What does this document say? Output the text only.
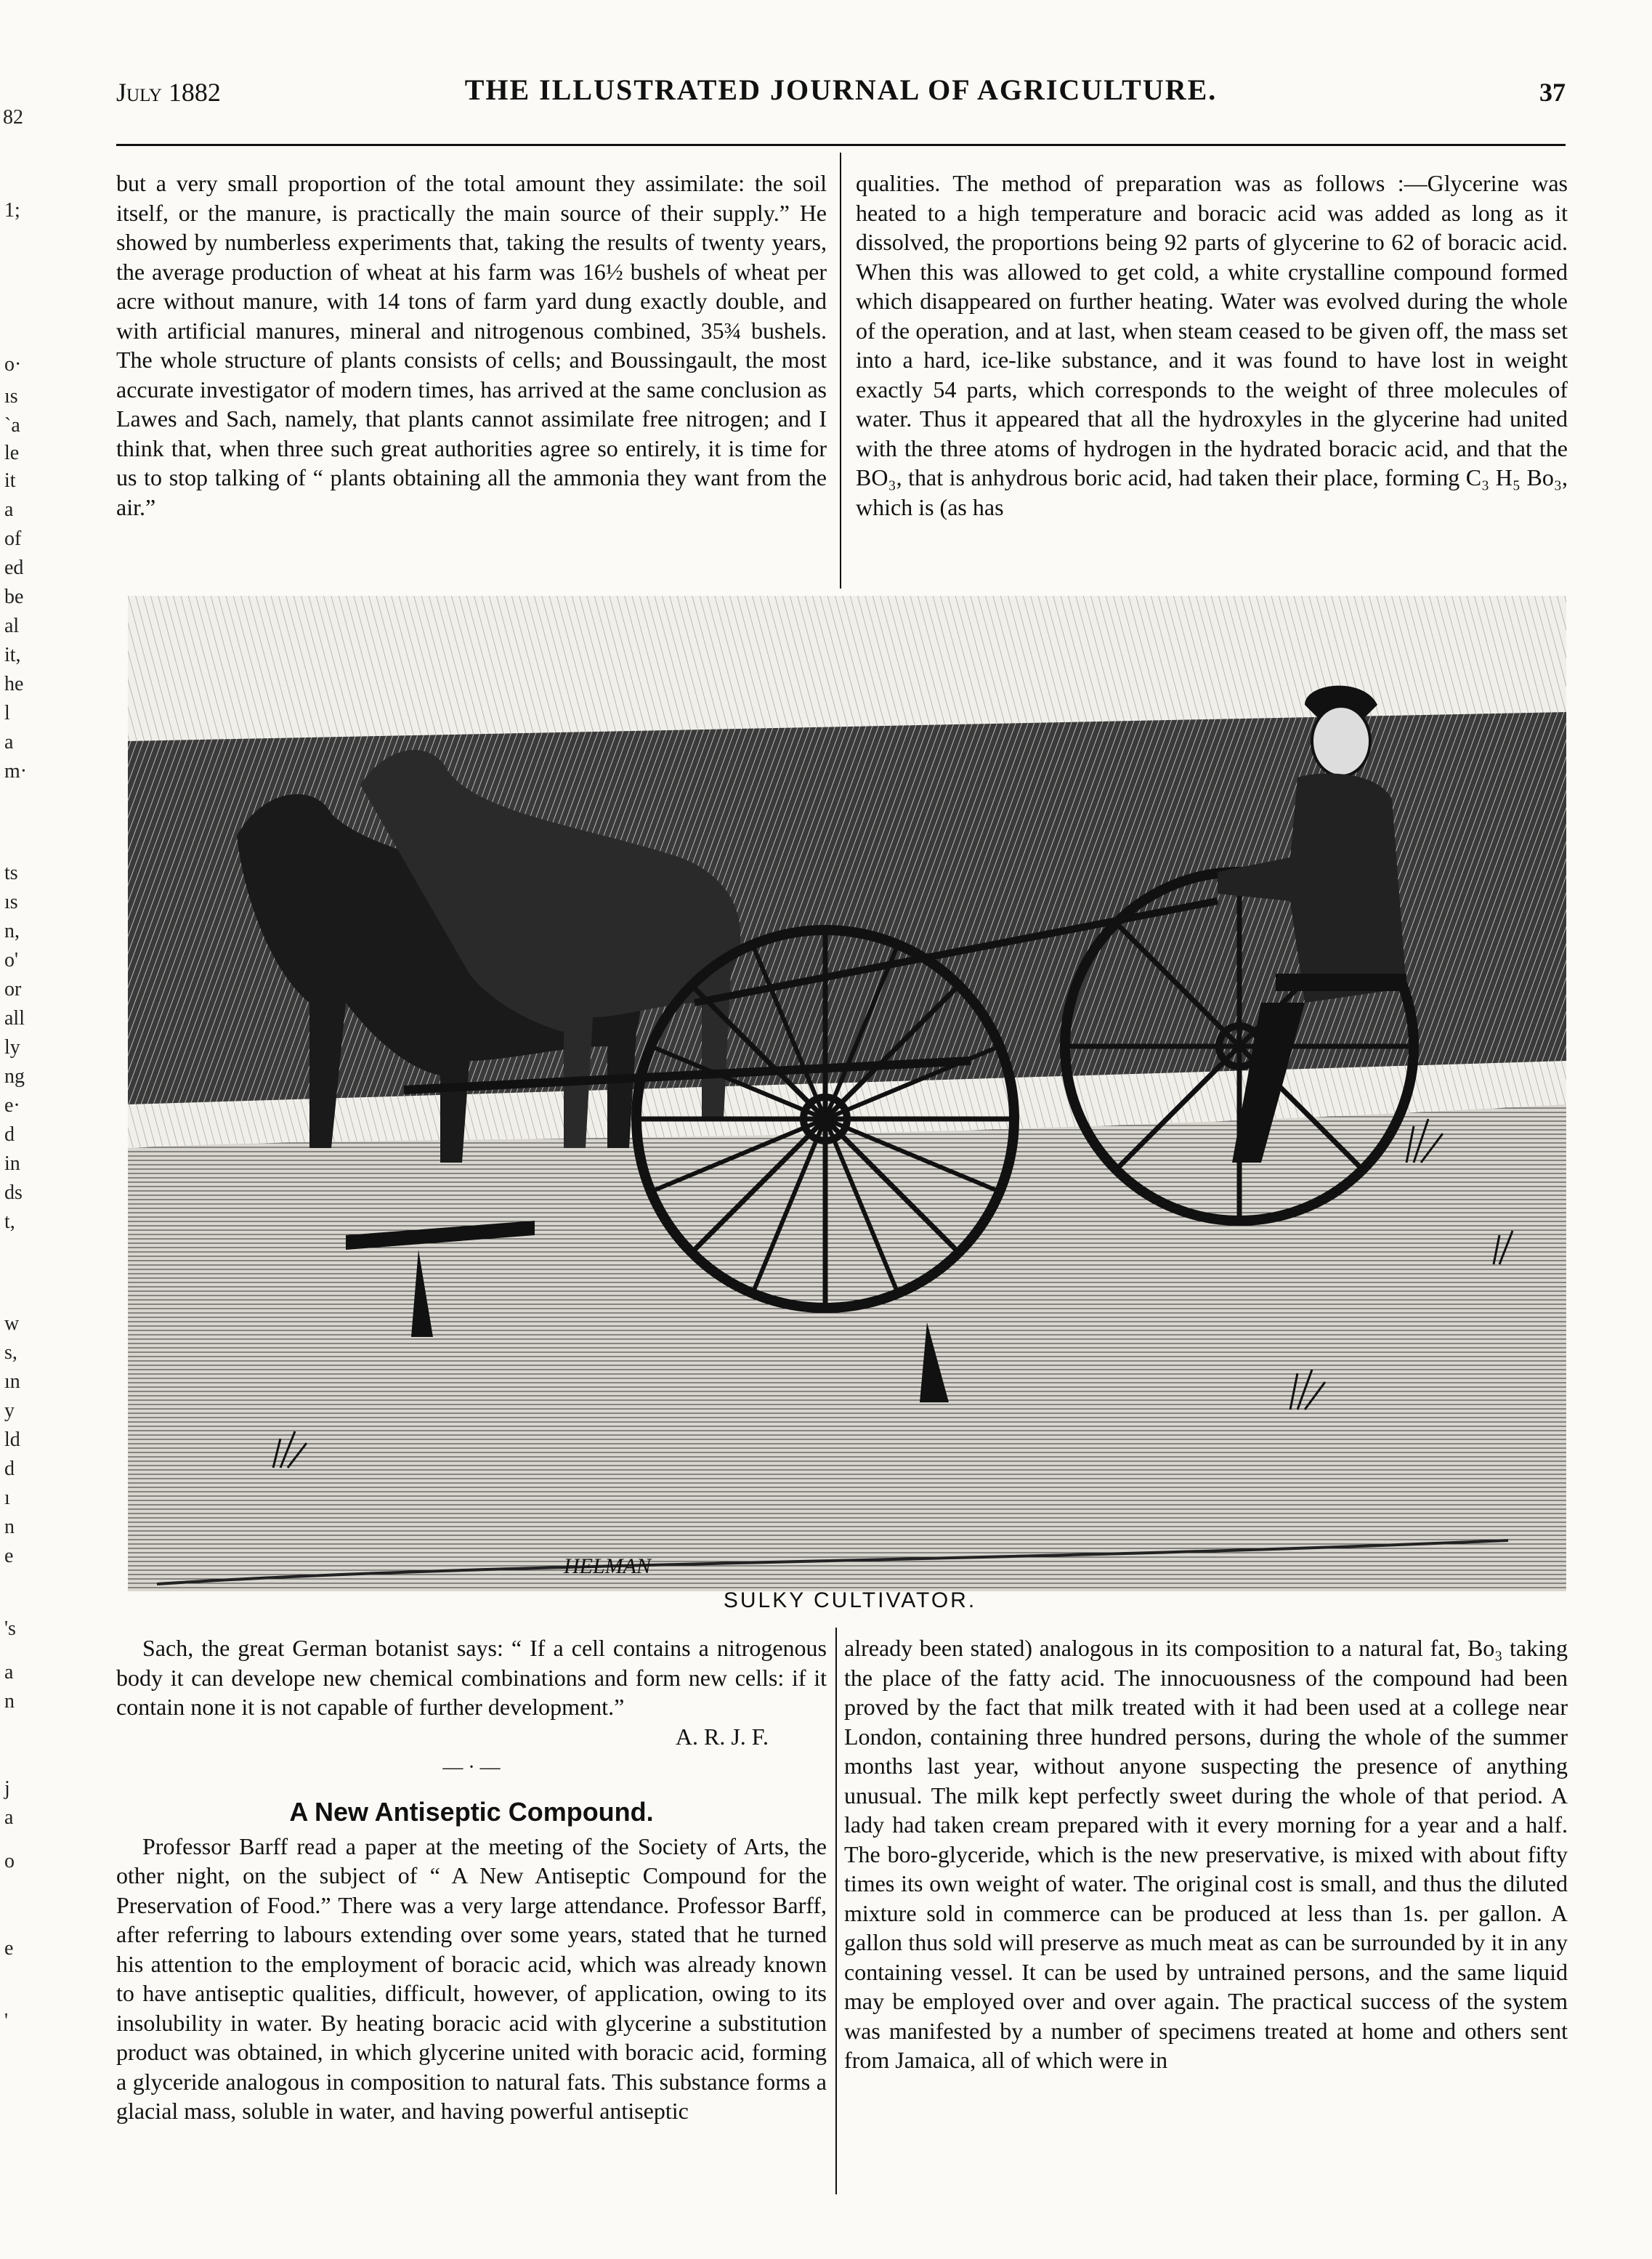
82
1;
o·
ıs
`a
le
it
a
of
ed
be
al
it,
he
l
a
m·
ts
ıs
n,
o'
or
all
ly
ng
e·
d
in
ds
t,
w
s,
ın
y
ld
d
ı
n
e
's
a
n
j
a
o
e
'
July 1882	THE ILLUSTRATED JOURNAL OF AGRICULTURE.	37

but a very small proportion of the total amount they assimilate: the soil itself, or the manure, is practically the main source of their supply.” He showed by numberless experiments that, taking the results of twenty years, the average production of wheat at his farm was 16½ bushels of wheat per acre without manure, with 14 tons of farm yard dung exactly double, and with artificial manures, mineral and nitrogenous combined, 35¾ bushels. The whole structure of plants consists of cells; and Boussingault, the most accurate investigator of modern times, has arrived at the same conclusion as Lawes and Sach, namely, that plants cannot assimilate free nitrogen; and I think that, when three such great authorities agree so entirely, it is time for us to stop talking of “ plants obtaining all the ammonia they want from the air.”

qualities. The method of preparation was as follows :—Glycerine was heated to a high temperature and boracic acid was added as long as it dissolved, the proportions being 92 parts of glycerine to 62 of boracic acid. When this was allowed to get cold, a white crystalline compound formed which disappeared on further heating. Water was evolved during the whole of the operation, and at last, when steam ceased to be given off, the mass set into a hard, ice-like substance, and it was found to have lost in weight exactly 54 parts, which corresponds to the weight of three molecules of water. Thus it appeared that all the hydroxyles in the glycerine had united with the three atoms of hydrogen in the hydrated boracic acid, and that the BO₃, that is anhydrous boric acid, had taken their place, forming C₃ H₅ Bo₃, which is (as has

HELMAN
SULKY CULTIVATOR.

Sach, the great German botanist says: “ If a cell contains a nitrogenous body it can develope new chemical combinations and form new cells: if it contain none it is not capable of further development.”

A. R. J. F.

— · —
A New Antiseptic Compound.

Professor Barff read a paper at the meeting of the Society of Arts, the other night, on the subject of “ A New Antiseptic Compound for the Preservation of Food.” There was a very large attendance. Professor Barff, after referring to labours extending over some years, stated that he turned his attention to the employment of boracic acid, which was already known to have antiseptic qualities, difficult, however, of application, owing to its insolubility in water. By heating boracic acid with glycerine a substitution product was obtained, in which glycerine united with boracic acid, forming a glyceride analogous in composition to natural fats. This substance forms a glacial mass, soluble in water, and having powerful antiseptic

already been stated) analogous in its composition to a natural fat, Bo₃ taking the place of the fatty acid. The innocuousness of the compound had been proved by the fact that milk treated with it had been used at a college near London, containing three hundred persons, during the whole of the summer months last year, without anyone suspecting the presence of anything unusual. The milk kept perfectly sweet during the whole of that period. A lady had taken cream prepared with it every morning for a year and a half. The boro-glyceride, which is the new preservative, is mixed with about fifty times its own weight of water. The original cost is small, and thus the diluted mixture sold in commerce can be produced at less than 1s. per gallon. A gallon thus sold will preserve as much meat as can be surrounded by it in any containing vessel. It can be used by untrained persons, and the same liquid may be employed over and over again. The practical success of the system was manifested by a number of specimens treated at home and others sent from Jamaica, all of which were in
